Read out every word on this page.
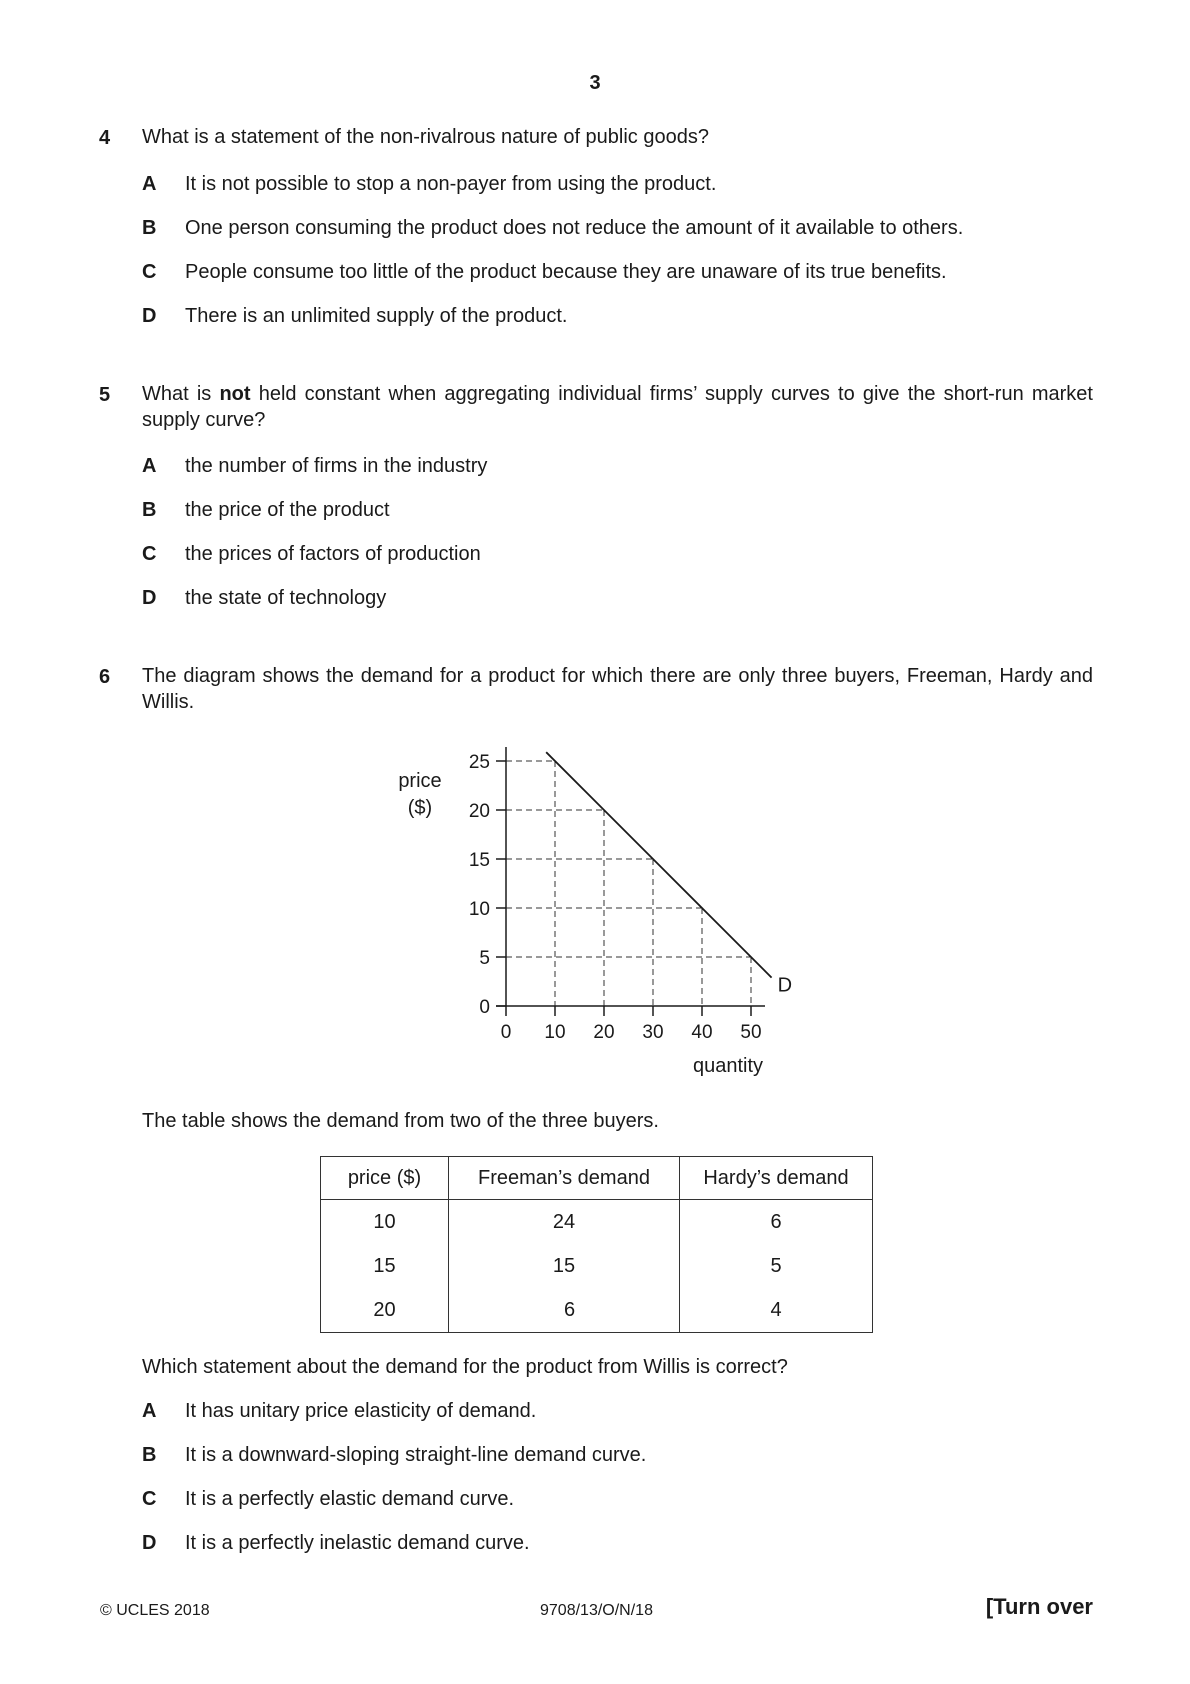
3
4 What is a statement of the non-rivalrous nature of public goods?
A It is not possible to stop a non-payer from using the product.
B One person consuming the product does not reduce the amount of it available to others.
C People consume too little of the product because they are unaware of its true benefits.
D There is an unlimited supply of the product.
5 What is not held constant when aggregating individual firms’ supply curves to give the short-run market supply curve?
A the number of firms in the industry
B the price of the product
C the prices of factors of production
D the state of technology
6 The diagram shows the demand for a product for which there are only three buyers, Freeman, Hardy and Willis.
0
5
10
15
20
25
0 10 20 30 40 50
D
price
($)
quantity
The table shows the demand from two of the three buyers.
price ($)	Freeman’s demand	Hardy’s demand
10	24	6
15	15	5
20	6	4
Which statement about the demand for the product from Willis is correct?
A It has unitary price elasticity of demand.
B It is a downward-sloping straight-line demand curve.
C It is a perfectly elastic demand curve.
D It is a perfectly inelastic demand curve.
© UCLES 2018	9708/13/O/N/18	[Turn over
